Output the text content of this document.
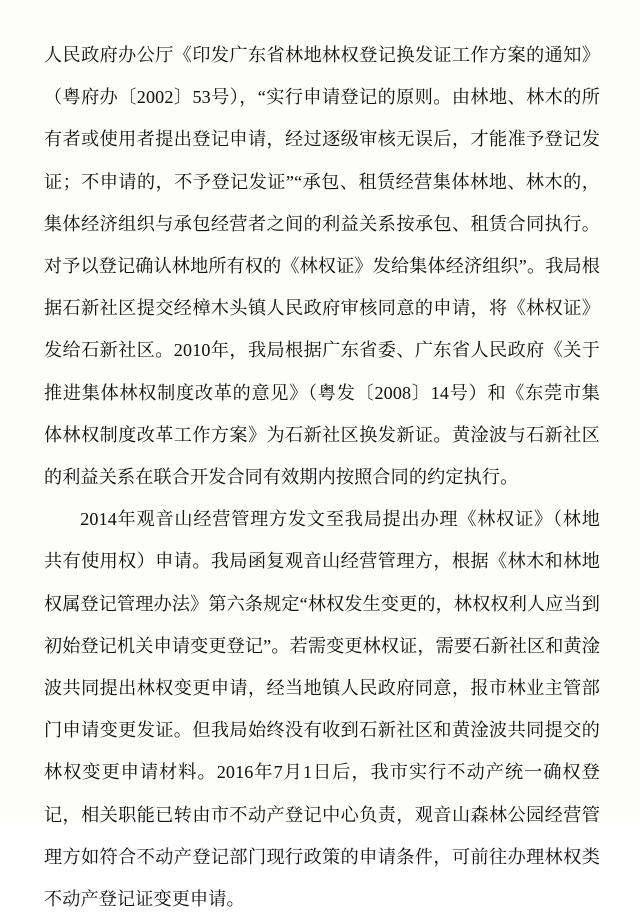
人民政府办公厅《印发广东省林地林权登记换发证工作方案的通知》（粤府办〔2002〕53号），“实行申请登记的原则。由林地、林木的所有者或使用者提出登记申请，经过逐级审核无误后，才能准予登记发证；不申请的，不予登记发证”“承包、租赁经营集体林地、林木的，集体经济组织与承包经营者之间的利益关系按承包、租赁合同执行。对予以登记确认林地所有权的《林权证》发给集体经济组织”。我局根据石新社区提交经樟木头镇人民政府审核同意的申请，将《林权证》发给石新社区。2010年，我局根据广东省委、广东省人民政府《关于推进集体林权制度改革的意见》（粤发〔2008〕14号）和《东莞市集体林权制度改革工作方案》为石新社区换发新证。黄淦波与石新社区的利益关系在联合开发合同有效期内按照合同的约定执行。

2014年观音山经营管理方发文至我局提出办理《林权证》（林地共有使用权）申请。我局函复观音山经营管理方，根据《林木和林地权属登记管理办法》第六条规定“林权发生变更的，林权权利人应当到初始登记机关申请变更登记”。若需变更林权证，需要石新社区和黄淦波共同提出林权变更申请，经当地镇人民政府同意，报市林业主管部门申请变更发证。但我局始终没有收到石新社区和黄淦波共同提交的林权变更申请材料。2016年7月1日后，我市实行不动产统一确权登记，相关职能已转由市不动产登记中心负责，观音山森林公园经营管理方如符合不动产登记部门现行政策的申请条件，可前往办理林权类不动产登记证变更申请。
